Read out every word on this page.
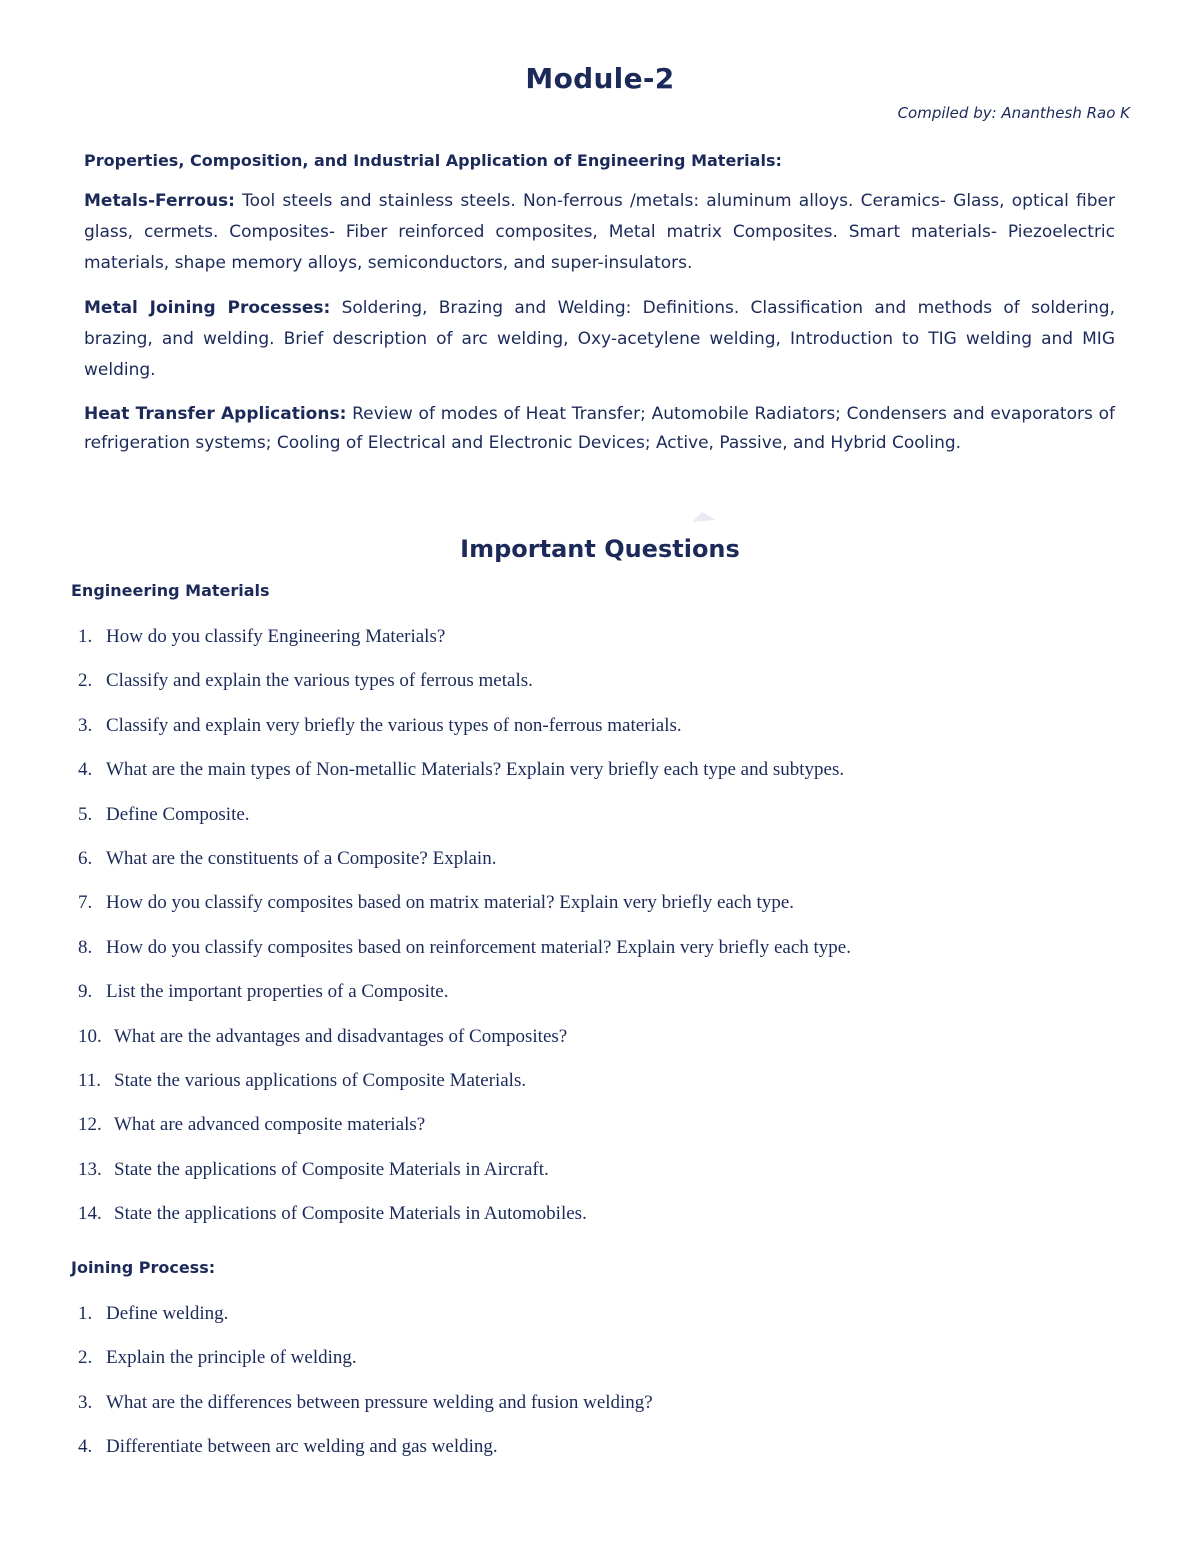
Module-2
Compiled by: Ananthesh Rao K
Properties, Composition, and Industrial Application of Engineering Materials:

Metals-Ferrous: Tool steels and stainless steels. Non-ferrous /metals: aluminum alloys. Ceramics- Glass, optical fiber glass, cermets. Composites- Fiber reinforced composites, Metal matrix Composites. Smart materials- Piezoelectric materials, shape memory alloys, semiconductors, and super-insulators.

Metal Joining Processes: Soldering, Brazing and Welding: Definitions. Classification and methods of soldering, brazing, and welding. Brief description of arc welding, Oxy-acetylene welding, Introduction to TIG welding and MIG welding.

Heat Transfer Applications: Review of modes of Heat Transfer; Automobile Radiators; Condensers and evaporators of refrigeration systems; Cooling of Electrical and Electronic Devices; Active, Passive, and Hybrid Cooling.

Important Questions
Engineering Materials
1. How do you classify Engineering Materials?
2. Classify and explain the various types of ferrous metals.
3. Classify and explain very briefly the various types of non-ferrous materials.
4. What are the main types of Non-metallic Materials? Explain very briefly each type and subtypes.
5. Define Composite.
6. What are the constituents of a Composite? Explain.
7. How do you classify composites based on matrix material? Explain very briefly each type.
8. How do you classify composites based on reinforcement material? Explain very briefly each type.
9. List the important properties of a Composite.
10. What are the advantages and disadvantages of Composites?
11. State the various applications of Composite Materials.
12. What are advanced composite materials?
13. State the applications of Composite Materials in Aircraft.
14. State the applications of Composite Materials in Automobiles.
Joining Process:
1. Define welding.
2. Explain the principle of welding.
3. What are the differences between pressure welding and fusion welding?
4. Differentiate between arc welding and gas welding.
